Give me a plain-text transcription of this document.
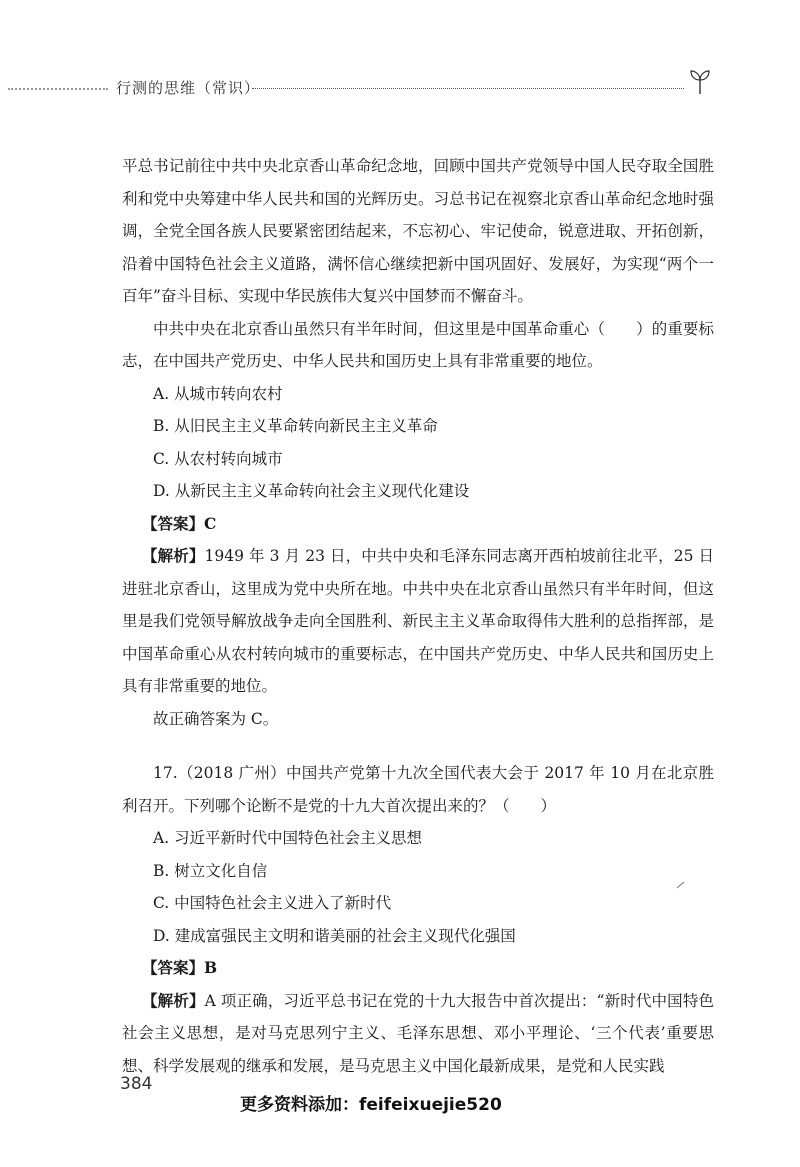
行测的思维（常识）

平总书记前往中共中央北京香山革命纪念地，回顾中国共产党领导中国人民夺取全国胜利和党中央筹建中华人民共和国的光辉历史。习总书记在视察北京香山革命纪念地时强调，全党全国各族人民要紧密团结起来，不忘初心、牢记使命，锐意进取、开拓创新，沿着中国特色社会主义道路，满怀信心继续把新中国巩固好、发展好，为实现“两个一百年”奋斗目标、实现中华民族伟大复兴中国梦而不懈奋斗。

中共中央在北京香山虽然只有半年时间，但这里是中国革命重心（　　）的重要标志，在中国共产党历史、中华人民共和国历史上具有非常重要的地位。

A. 从城市转向农村

B. 从旧民主主义革命转向新民主主义革命

C. 从农村转向城市

D. 从新民主主义革命转向社会主义现代化建设

【答案】C

【解析】1949 年 3 月 23 日，中共中央和毛泽东同志离开西柏坡前往北平，25 日进驻北京香山，这里成为党中央所在地。中共中央在北京香山虽然只有半年时间，但这里是我们党领导解放战争走向全国胜利、新民主主义革命取得伟大胜利的总指挥部，是中国革命重心从农村转向城市的重要标志，在中国共产党历史、中华人民共和国历史上具有非常重要的地位。

故正确答案为 C。

17.（2018 广州）中国共产党第十九次全国代表大会于 2017 年 10 月在北京胜利召开。下列哪个论断不是党的十九大首次提出来的？（　　）

A. 习近平新时代中国特色社会主义思想

B. 树立文化自信

C. 中国特色社会主义进入了新时代

D. 建成富强民主文明和谐美丽的社会主义现代化强国

【答案】B

【解析】A 项正确，习近平总书记在党的十九大报告中首次提出：“新时代中国特色社会主义思想，是对马克思列宁主义、毛泽东思想、邓小平理论、‘三个代表’重要思想、科学发展观的继承和发展，是马克思主义中国化最新成果，是党和人民实践

384
更多资料添加：feifeixuejie520
